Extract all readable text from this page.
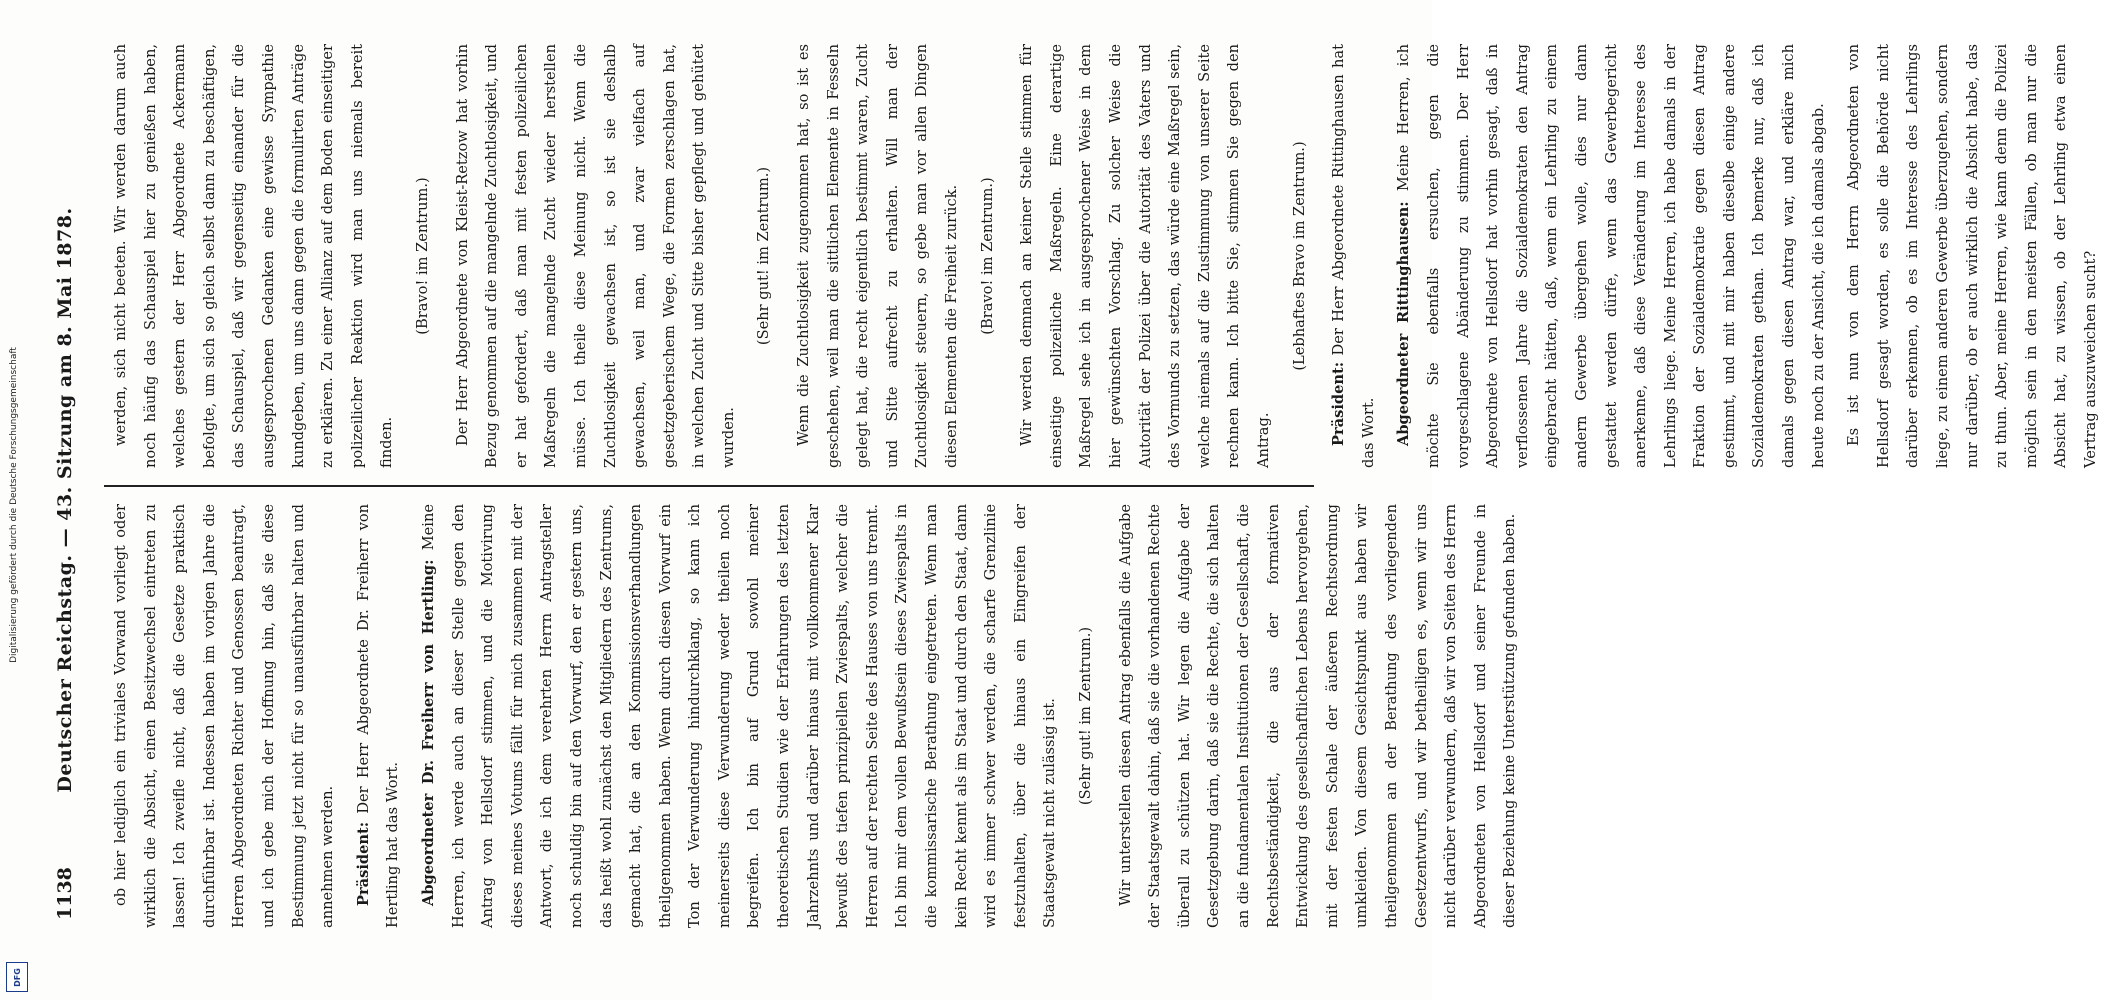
Digitalisierung gefördert durch die Deutsche Forschungsgemeinschaft
DFG
1138
Deutscher Reichstag. — 43. Sitzung am 8. Mai 1878.	ob hier lediglich ein triviales Vorwand vorliegt oder wirklich die Absicht, einen Besitzwechsel eintreten zu lassen! Ich zweifle nicht, daß die Gesetze praktisch durchführbar ist. Indessen haben im vorigen Jahre die Herren Abgeordneten Richter und Genossen beantragt, und ich gebe mich der Hoffnung hin, daß sie diese Bestimmung jetzt nicht für so unausführbar halten und annehmen werden.	Präsident: Der Herr Abgeordnete Dr. Freiherr von Hertling hat das Wort.	Abgeordneter Dr. Freiherr von Hertling: Meine Herren, ich werde auch an dieser Stelle gegen den Antrag von Hellsdorf stimmen, und die Motivirung dieses meines Votums fällt für mich zusammen mit der Antwort, die ich dem verehrten Herrn Antragsteller noch schuldig bin auf den Vorwurf, den er gestern uns, das heißt wohl zunächst den Mitgliedern des Zentrums, gemacht hat, die an den Kommissionsverhandlungen theilgenommen haben. Wenn durch diesen Vorwurf ein Ton der Verwunderung hindurchklang, so kann ich meinerseits diese Verwunderung weder theilen noch begreifen. Ich bin auf Grund sowohl meiner theoretischen Studien wie der Erfahrungen des letzten Jahrzehnts und darüber hinaus mit vollkommener Klar bewußt des tiefen prinzipiellen Zwiespalts, welcher die Herren auf der rechten Seite des Hauses von uns trennt. Ich bin mir dem vollen Bewußtsein dieses Zwiespalts in die kommissarische Berathung eingetreten. Wenn man kein Recht kennt als im Staat und durch den Staat, dann wird es immer schwer werden, die scharfe Grenzlinie festzuhalten, über die hinaus ein Eingreifen der Staatsgewalt nicht zulässig ist.	(Sehr gut! im Zentrum.)	Wir unterstellen diesen Antrag ebenfalls die Aufgabe der Staatsgewalt dahin, daß sie die vorhandenen Rechte überall zu schützen hat. Wir legen die Aufgabe der Gesetzgebung darin, daß sie die Rechte, die sich halten an die fundamentalen Institutionen der Gesellschaft, die Rechtsbeständigkeit, die aus der formativen Entwicklung des gesellschaftlichen Lebens hervorgehen, mit der festen Schale der äußeren Rechtsordnung umkleiden. Von diesem Gesichtspunkt aus haben wir theilgenommen an der Berathung des vorliegenden Gesetzentwurfs, und wir betheiligen es, wenn wir uns nicht darüber verwundern, daß wir von Seiten des Herrn Abgeordneten von Hellsdorf und seiner Freunde in dieser Beziehung keine Unterstützung gefunden haben.

werden, sich nicht beeten. Wir werden darum auch noch häufig das Schauspiel hier zu genießen haben, welches gestern der Herr Abgeordnete Ackermann befolgte, um sich so gleich selbst dann zu beschäftigen, das Schauspiel, daß wir gegenseitig einander für die ausgesprochenen Gedanken eine gewisse Sympathie kundgeben, um uns dann gegen die formulirten Anträge zu erklären. Zu einer Allianz auf dem Boden einseitiger polizeilicher Reaktion wird man uns niemals bereit finden.

(Bravo! im Zentrum.)	Der Herr Abgeordnete von Kleist-Retzow hat vorhin Bezug genommen auf die mangelnde Zuchtlosigkeit, und er hat gefordert, daß man mit festen polizeilichen Maßregeln die mangelnde Zucht wieder herstellen müsse. Ich theile diese Meinung nicht. Wenn die Zuchtlosigkeit gewachsen ist, so ist sie deshalb gewachsen, weil man, und zwar vielfach auf gesetzgeberischem Wege, die Formen zerschlagen hat, in welchen Zucht und Sitte bisher gepflegt und gehütet wurden.

(Sehr gut! im Zentrum.)	Wenn die Zuchtlosigkeit zugenommen hat, so ist es geschehen, weil man die sittlichen Elemente in Fesseln gelegt hat, die recht eigentlich bestimmt waren, Zucht und Sitte aufrecht zu erhalten. Will man der Zuchtlosigkeit steuern, so gebe man vor allen Dingen diesen Elementen die Freiheit zurück.	(Bravo! im Zentrum.)	Wir werden demnach an keiner Stelle stimmen für einseitige polizeiliche Maßregeln. Eine derartige Maßregel sehe ich in ausgesprochener Weise in dem hier gewünschten Vorschlag. Zu solcher Weise die Autorität der Polizei über die Autorität des Vaters und des Vormunds zu setzen, das würde eine Maßregel sein, welche niemals auf die Zustimmung von unserer Seite rechnen kann. Ich bitte Sie, stimmen Sie gegen den Antrag.

(Lebhaftes Bravo im Zentrum.)

Präsident: Der Herr Abgeordnete Rittinghausen hat das Wort.	Abgeordneter Rittinghausen: Meine Herren, ich möchte Sie ebenfalls ersuchen, gegen die vorgeschlagene Abänderung zu stimmen. Der Herr Abgeordnete von Hellsdorf hat vorhin gesagt, daß in verflossenen Jahre die Sozialdemokraten den Antrag eingebracht hätten, daß, wenn ein Lehrling zu einem andern Gewerbe übergehen wolle, dies nur dann gestattet werden dürfe, wenn das Gewerbegericht anerkenne, daß diese Veränderung im Interesse des Lehrlings liege. Meine Herren, ich habe damals in der Fraktion der Sozialdemokratie gegen diesen Antrag gestimmt, und mit mir haben dieselbe einige andere Sozialdemokraten gethan. Ich bemerke nur, daß ich damals gegen diesen Antrag war, und erkläre mich heute noch zu der Ansicht, die ich damals abgab.	Es ist nun von dem Herrn Abgeordneten von Hellsdorf gesagt worden, es solle die Behörde nicht darüber erkennen, ob es im Interesse des Lehrlings liege, zu einem anderen Gewerbe überzugehen, sondern nur darüber, ob er auch wirklich die Absicht habe, das zu thun. Aber, meine Herren, wie kann denn die Polizei möglich sein in den meisten Fällen, ob man nur die Absicht hat, zu wissen, ob der Lehrling etwa einen Vertrag auszuweichen sucht?
